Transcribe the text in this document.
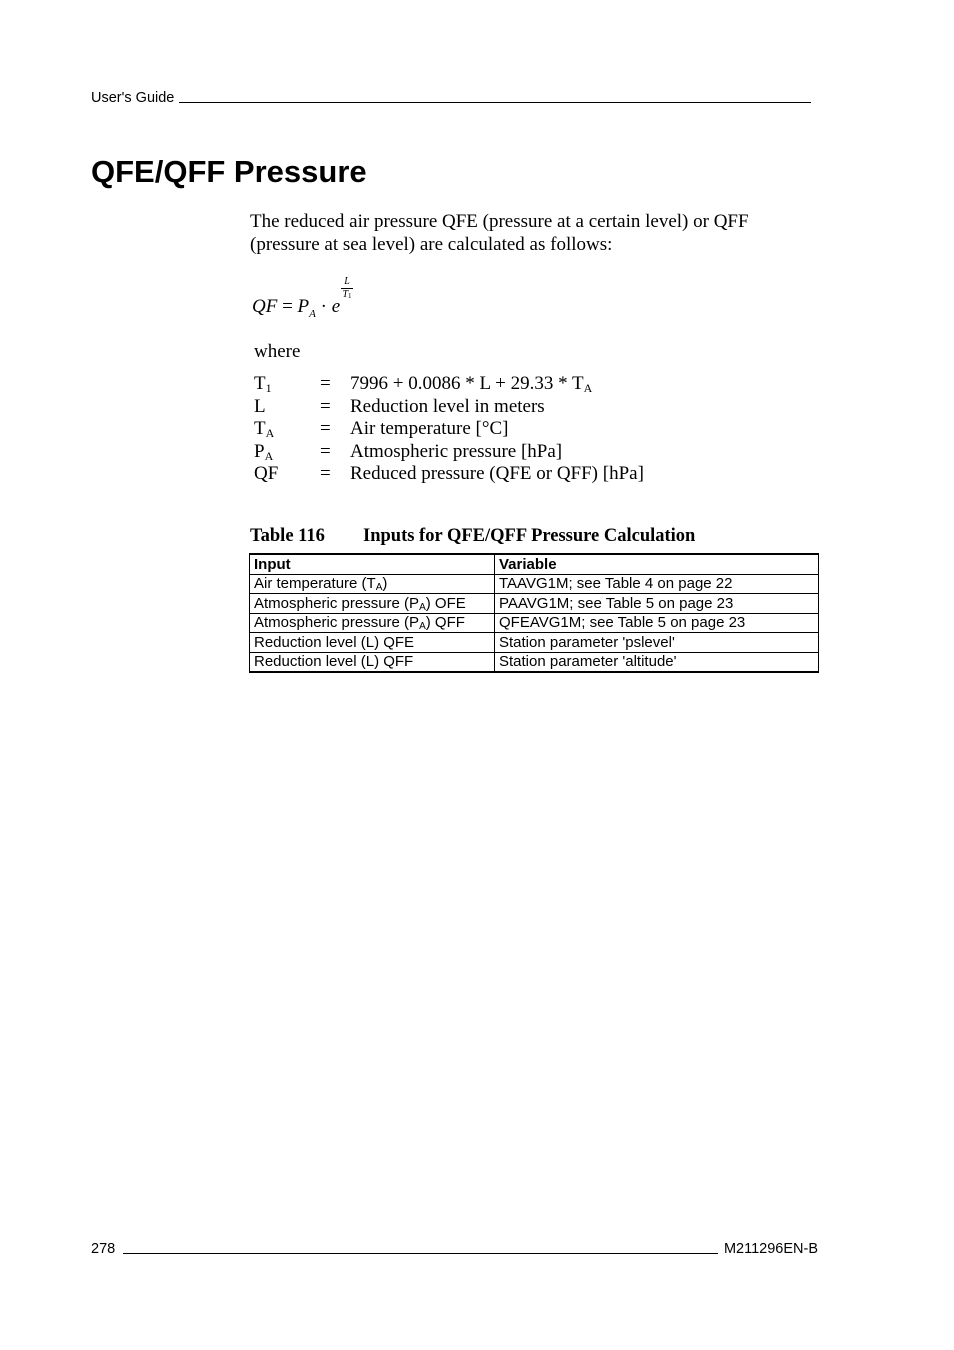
User's Guide
QFE/QFF Pressure

The reduced air pressure QFE (pressure at a certain level) or QFF (pressure at sea level) are calculated as follows:

QF = $P_A \cdot e$
L
$T_1$
where
$T_1$	= $7996 + 0.0086 * L + 29.33 * T_A$
L	= Reduction level in meters
$T_A$ = Air temperature [°C]
$P_A$ = Atmospheric pressure [hPa]
QF = Reduced pressure (QFE or QFF) [hPa]
Table 116 Inputs for QFE/QFF Pressure Calculation
Input	Variable
Air temperature $(T_A)$	TAAVG1M; see Table 4 on page 22
Atmospheric pressure $(P_A)$ OFE	PAAVG1M; see Table 5 on page 23
Atmospheric pressure $(P_A)$ QFF	QFEAVG1M; see Table 5 on page 23
Reduction level (L) QFE	Station parameter 'pslevel'
Reduction level (L) QFF	Station parameter 'altitude'
278	M211296EN-B
